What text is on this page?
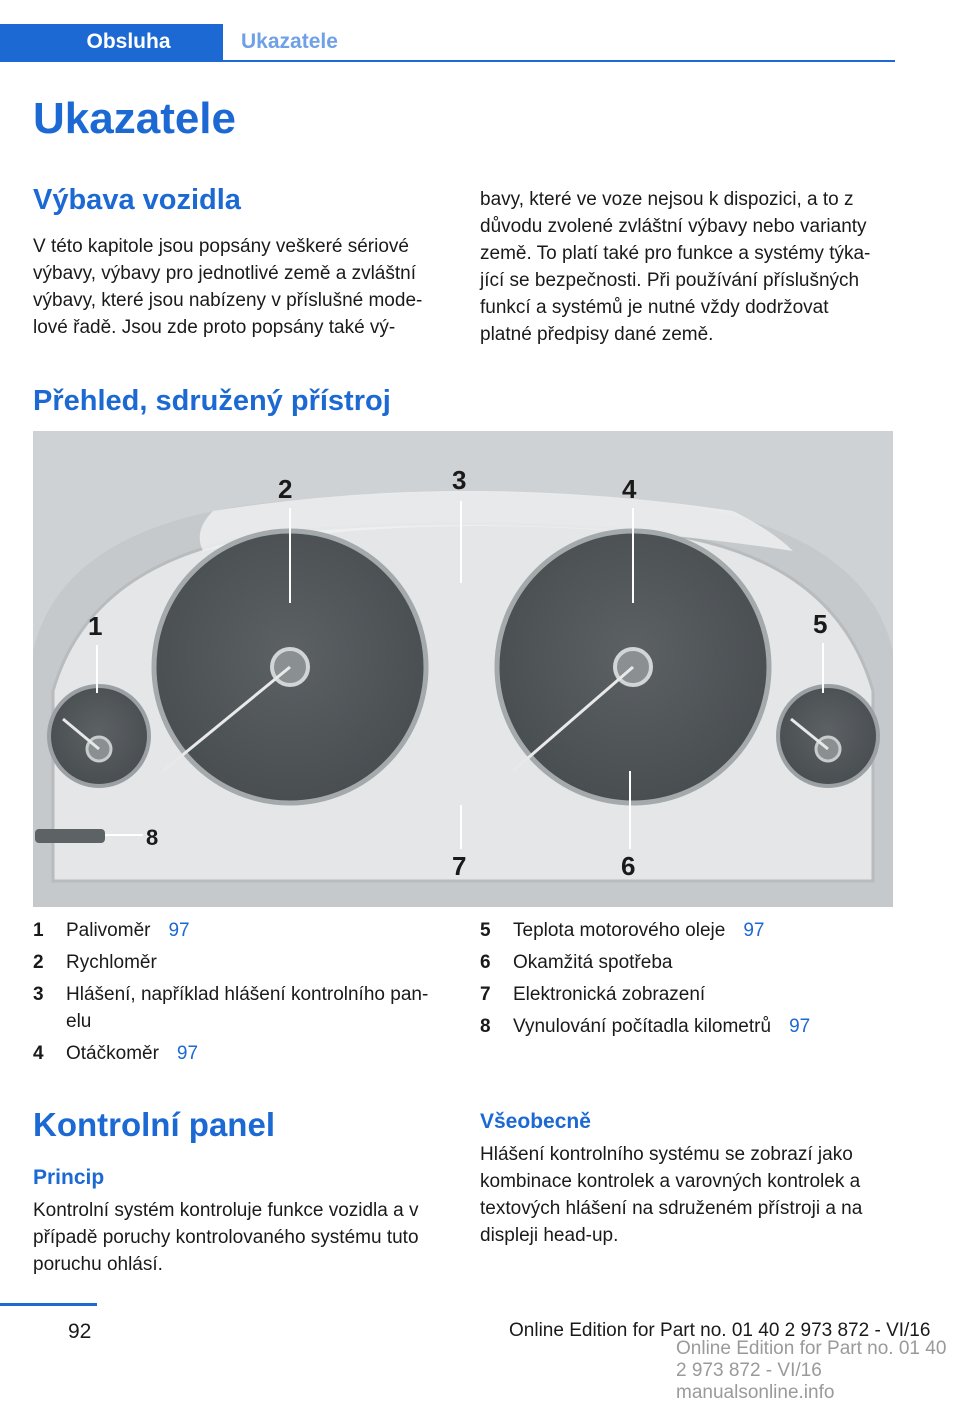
Obsluha	Ukazatele
Ukazatele
Výbava vozidla
V této kapitole jsou popsány veškeré sériové
výbavy, výbavy pro jednotlivé země a zvláštní
výbavy, které jsou nabízeny v příslušné mode‐
lové řadě. Jsou zde proto popsány také vý‐
bavy, které ve voze nejsou k dispozici, a to z
důvodu zvolené zvláštní výbavy nebo varianty
země. To platí také pro funkce a systémy týka‐
jící se bezpečnosti. Při používání příslušných
funkcí a systémů je nutné vždy dodržovat
platné předpisy dané země.
Přehled, sdružený přístroj
1
2	3	4
5
6
7
8
1 Palivoměr 97
2 Rychloměr
3 Hlášení, například hlášení kontrolního pan‐
elu
4 Otáčkoměr 97
5 Teplota motorového oleje 97
6 Okamžitá spotřeba
7 Elektronická zobrazení
8 Vynulování počítadla kilometrů 97
Kontrolní panel
Princip
Kontrolní systém kontroluje funkce vozidla a v
případě poruchy kontrolovaného systému tuto
poruchu ohlásí.
Všeobecně
Hlášení kontrolního systému se zobrazí jako
kombinace kontrolek a varovných kontrolek a
textových hlášení na sdruženém přístroji a na
displeji head-up.
92	Online Edition for Part no. 01 40 2 973 872 - VI/16
Online Edition for Part no. 01 40 2 973 872 - VI/16 manualsonline.info
